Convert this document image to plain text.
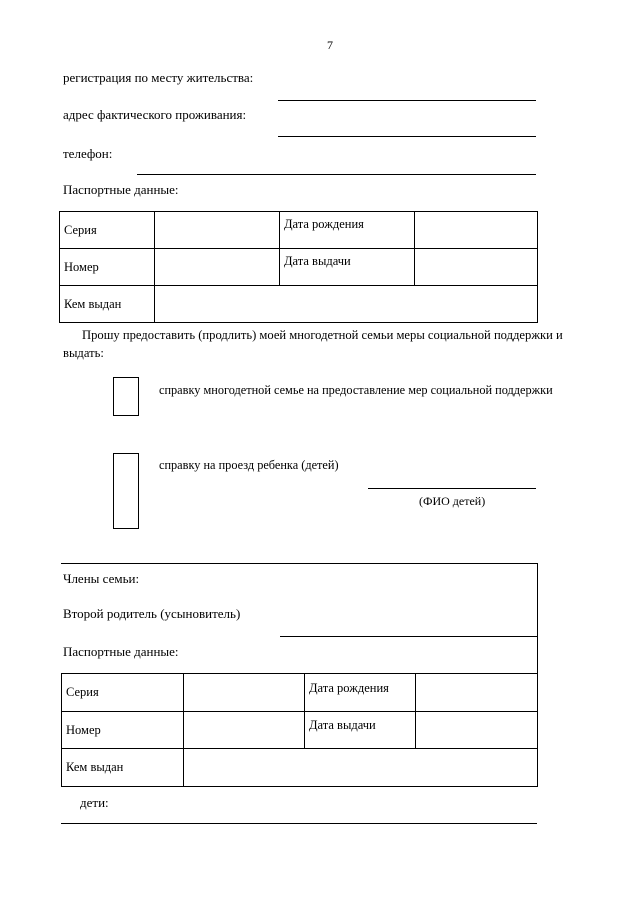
7
регистрация по месту жительства:
адрес фактического проживания:
телефон:
Паспортные данные:
Серия		Дата рождения	
Номер		Дата выдачи	
Кем выдан			
Прошу предоставить (продлить) моей многодетной семьи меры социальной поддержки и
выдать:
справку многодетной семье на предоставление мер социальной поддержки
справку на проезд ребенка (детей)
(ФИО детей)
Члены семьи:
Второй родитель (усыновитель)
Паспортные данные:
Серия		Дата рождения	
Номер		Дата выдачи	
Кем выдан			
дети:
